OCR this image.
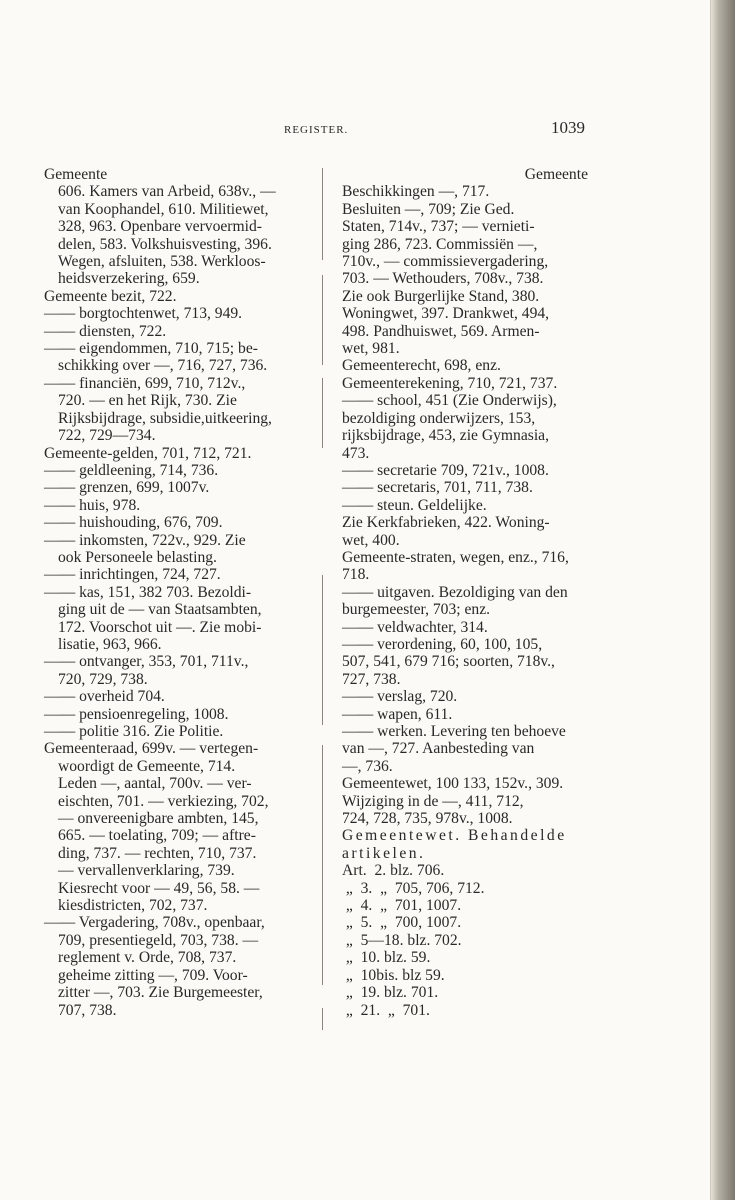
REGISTER.	1039
Gemeente
606. Kamers van Arbeid, 638v., —
van Koophandel, 610. Militiewet,
328, 963. Openbare vervoermid-
delen, 583. Volkshuisvesting, 396.
Wegen, afsluiten, 538. Werkloos-
heidsverzekering, 659.
Gemeente bezit, 722.
—— borgtochtenwet, 713, 949.
—— diensten, 722.
—— eigendommen, 710, 715; be-
schikking over —, 716, 727, 736.
—— financiën, 699, 710, 712v.,
720. — en het Rijk, 730. Zie
Rijksbijdrage, subsidie,uitkeering,
722, 729—734.
Gemeente-gelden, 701, 712, 721.
—— geldleening, 714, 736.
—— grenzen, 699, 1007v.
—— huis, 978.
—— huishouding, 676, 709.
—— inkomsten, 722v., 929. Zie
ook Personeele belasting.
—— inrichtingen, 724, 727.
—— kas, 151, 382 703. Bezoldi-
ging uit de — van Staatsambten,
172. Voorschot uit —. Zie mobi-
lisatie, 963, 966.
—— ontvanger, 353, 701, 711v.,
720, 729, 738.
—— overheid 704.
—— pensioenregeling, 1008.
—— politie 316. Zie Politie.
Gemeenteraad, 699v. — vertegen-
woordigt de Gemeente, 714.
Leden —, aantal, 700v. — ver-
eischten, 701. — verkiezing, 702,
— onvereenigbare ambten, 145,
665. — toelating, 709; — aftre-
ding, 737. — rechten, 710, 737.
— vervallenverklaring, 739.
Kiesrecht voor — 49, 56, 58. —
kiesdistricten, 702, 737.
—— Vergadering, 708v., openbaar,
709, presentiegeld, 703, 738. —
reglement v. Orde, 708, 737.
geheime zitting —, 709. Voor-
zitter —, 703. Zie Burgemeester,
707, 738.
Gemeente
Beschikkingen —, 717.
Besluiten —, 709; Zie Ged.
Staten, 714v., 737; — vernieti-
ging 286, 723. Commissiën —,
710v., — commissievergadering,
703. — Wethouders, 708v., 738.
Zie ook Burgerlijke Stand, 380.
Woningwet, 397. Drankwet, 494,
498. Pandhuiswet, 569. Armen-
wet, 981.
Gemeenterecht, 698, enz.
Gemeenterekening, 710, 721, 737.
—— school, 451 (Zie Onderwijs),
bezoldiging onderwijzers, 153,
rijksbijdrage, 453, zie Gymnasia,
473.
—— secretarie 709, 721v., 1008.
—— secretaris, 701, 711, 738.
—— steun. Geldelijke.
Zie Kerkfabrieken, 422. Woning-
wet, 400.
Gemeente-straten, wegen, enz., 716,
718.
—— uitgaven. Bezoldiging van den
burgemeester, 703; enz.
—— veldwachter, 314.
—— verordening, 60, 100, 105,
507, 541, 679 716; soorten, 718v.,
727, 738.
—— verslag, 720.
—— wapen, 611.
—— werken. Levering ten behoeve
van —, 727. Aanbesteding van
—, 736.
Gemeentewet, 100 133, 152v., 309.
Wijziging in de —, 411, 712,
724, 728, 735, 978v., 1008.
Gemeentewet. Behandelde
artikelen.
Art.  2. blz. 706.
„  3.  „  705, 706, 712.
„  4.  „  701, 1007.
„  5.  „  700, 1007.
„  5—18. blz. 702.
„  10. blz. 59.
„  10bis. blz 59.
„  19. blz. 701.
„  21.  „  701.
